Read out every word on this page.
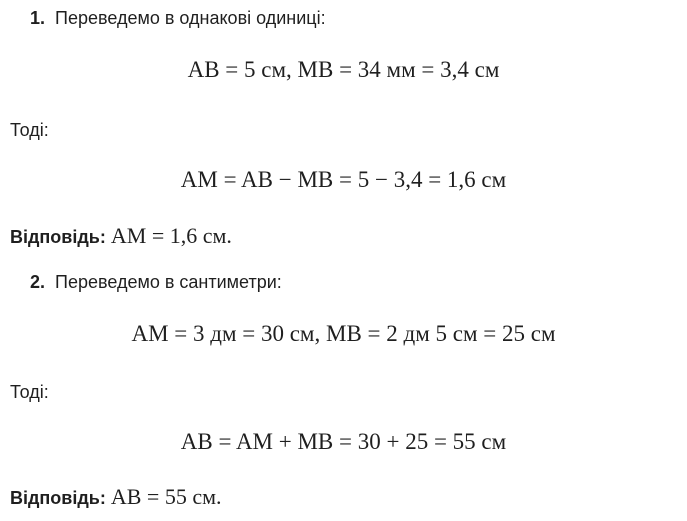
1. Переведемо в однакові одиниці:
AB = 5 см, MB = 34 мм = 3,4 см
Тоді:
AM = AB − MB = 5 − 3,4 = 1,6 см
Відповідь: AM = 1,6 см.
2. Переведемо в сантиметри:
AM = 3 дм = 30 см, MB = 2 дм 5 см = 25 см
Тоді:
AB = AM + MB = 30 + 25 = 55 см
Відповідь: AB = 55 см.
